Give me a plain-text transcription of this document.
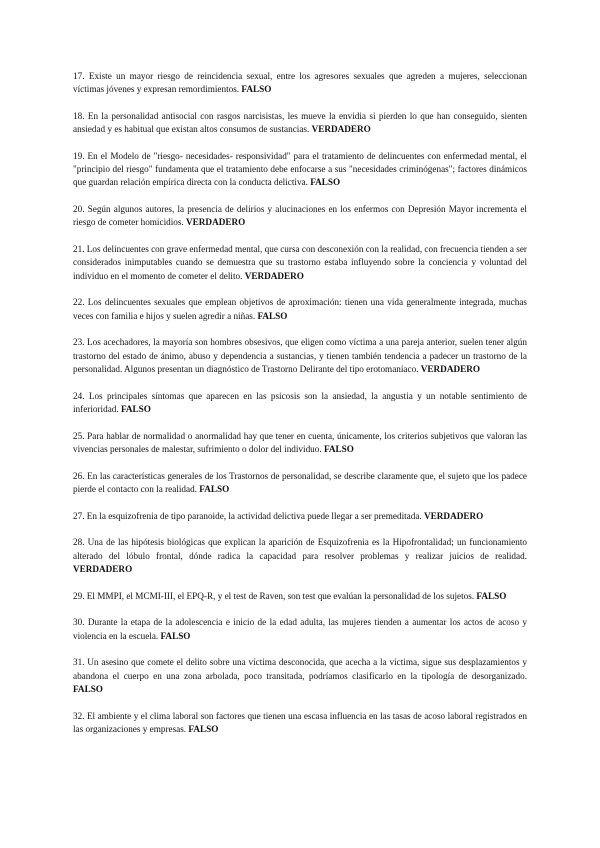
17. Existe un mayor riesgo de reincidencia sexual, entre los agresores sexuales que agreden a mujeres, seleccionan víctimas jóvenes y expresan remordimientos. FALSO

18. En la personalidad antisocial con rasgos narcisistas, les mueve la envidia si pierden lo que han conseguido, sienten ansiedad y es habitual que existan altos consumos de sustancias. VERDADERO

19. En el Modelo de "riesgo- necesidades- responsividad" para el tratamiento de delincuentes con enfermedad mental, el "principio del riesgo" fundamenta que el tratamiento debe enfocarse a sus "necesidades criminógenas"; factores dinámicos que guardan relación empírica directa con la conducta delictiva. FALSO

20. Según algunos autores, la presencia de delirios y alucinaciones en los enfermos con Depresión Mayor incrementa el riesgo de cometer homicidios. VERDADERO

21. Los delincuentes con grave enfermedad mental, que cursa con desconexión con la realidad, con frecuencia tienden a ser considerados inimputables cuando se demuestra que su trastorno estaba influyendo sobre la conciencia y voluntad del individuo en el momento de cometer el delito. VERDADERO

22. Los delincuentes sexuales que emplean objetivos de aproximación: tienen una vida generalmente integrada, muchas veces con familia e hijos y suelen agredir a niñas. FALSO

23. Los acechadores, la mayoría son hombres obsesivos, que eligen como víctima a una pareja anterior, suelen tener algún trastorno del estado de ánimo, abuso y dependencia a sustancias, y tienen también tendencia a padecer un trastorno de la personalidad. Algunos presentan un diagnóstico de Trastorno Delirante del tipo erotomaníaco. VERDADERO

24. Los principales síntomas que aparecen en las psicosis son la ansiedad, la angustia y un notable sentimiento de inferioridad. FALSO

25. Para hablar de normalidad o anormalidad hay que tener en cuenta, únicamente, los criterios subjetivos que valoran las vivencias personales de malestar, sufrimiento o dolor del individuo. FALSO

26. En las características generales de los Trastornos de personalidad, se describe claramente que, el sujeto que los padece pierde el contacto con la realidad. FALSO

27. En la esquizofrenia de tipo paranoide, la actividad delictiva puede llegar a ser premeditada. VERDADERO

28. Una de las hipótesis biológicas que explican la aparición de Esquizofrenia es la Hipofrontalidad; un funcionamiento alterado del lóbulo frontal, dónde radica la capacidad para resolver problemas y realizar juicios de realidad. VERDADERO

29. El MMPI, el MCMI-III, el EPQ-R, y el test de Raven, son test que evalúan la personalidad de los sujetos. FALSO

30. Durante la etapa de la adolescencia e inicio de la edad adulta, las mujeres tienden a aumentar los actos de acoso y violencia en la escuela. FALSO

31. Un asesino que comete el delito sobre una víctima desconocida, que acecha a la víctima, sigue sus desplazamientos y abandona el cuerpo en una zona arbolada, poco transitada, podríamos clasificarlo en la tipología de desorganizado. FALSO

32. El ambiente y el clima laboral son factores que tienen una escasa influencia en las tasas de acoso laboral registrados en las organizaciones y empresas. FALSO
